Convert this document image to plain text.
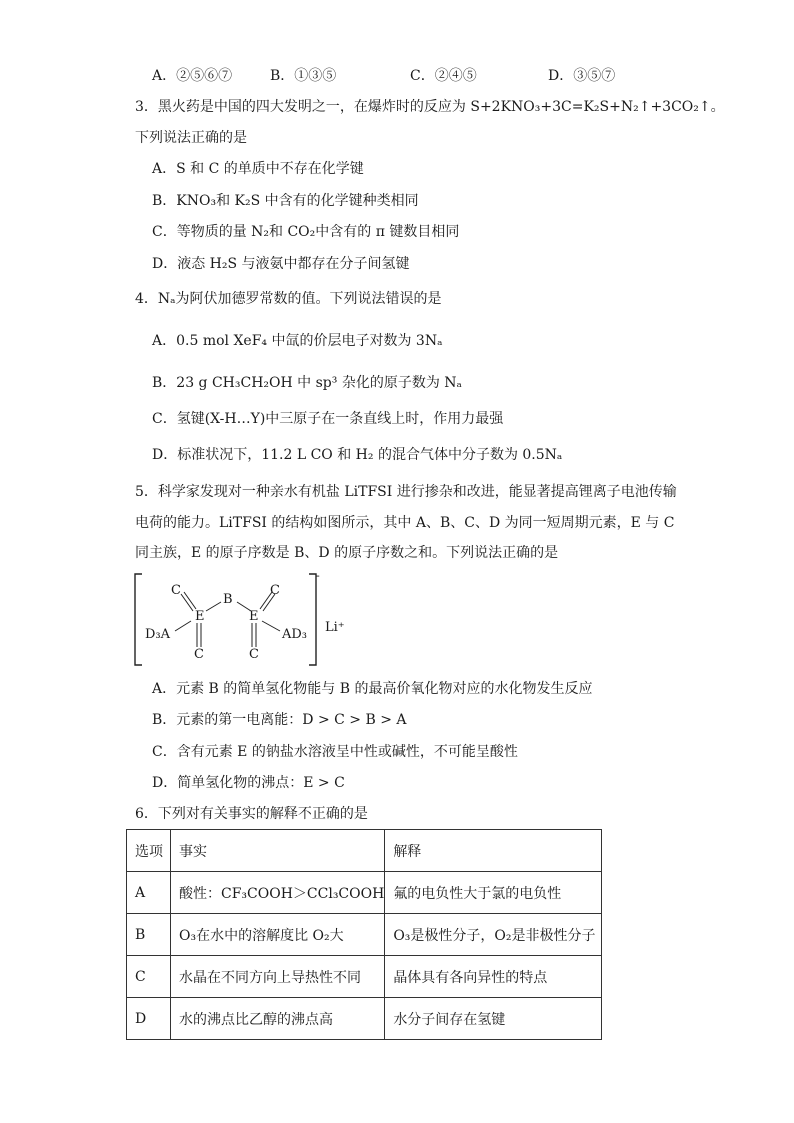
A．②⑤⑥⑦	B．①③⑤	C．②④⑤	D．③⑤⑦
3．黑火药是中国的四大发明之一，在爆炸时的反应为 S+2KNO₃+3C=K₂S+N₂↑+3CO₂↑。
下列说法正确的是
A．S 和 C 的单质中不存在化学键
B．KNO₃和 K₂S 中含有的化学键种类相同
C．等物质的量 N₂和 CO₂中含有的 π 键数目相同
D．液态 H₂S 与液氨中都存在分子间氢键
4．Nₐ为阿伏加德罗常数的值。下列说法错误的是
A．0.5 mol XeF₄ 中氙的价层电子对数为 3Nₐ
B．23 g CH₃CH₂OH 中 sp³ 杂化的原子数为 Nₐ
C．氢键(X-H…Y)中三原子在一条直线上时，作用力最强
D．标准状况下，11.2 L CO 和 H₂ 的混合气体中分子数为 0.5Nₐ
5．科学家发现对一种亲水有机盐 LiTFSI 进行掺杂和改进，能显著提高锂离子电池传输
电荷的能力。LiTFSI 的结构如图所示，其中 A、B、C、D 为同一短周期元素，E 与 C
同主族，E 的原子序数是 B、D 的原子序数之和。下列说法正确的是
C
B
C
E	E
D₃A	AD₃
C	C
-
Li⁺
A．元素 B 的简单氢化物能与 B 的最高价氧化物对应的水化物发生反应
B．元素的第一电离能：D > C > B > A
C．含有元素 E 的钠盐水溶液呈中性或碱性，不可能呈酸性
D．简单氢化物的沸点：E > C
6．下列对有关事实的解释不正确的是
选项	事实	解释
A	酸性：CF₃COOH＞CCl₃COOH	氟的电负性大于氯的电负性
B	O₃在水中的溶解度比 O₂大	O₃是极性分子，O₂是非极性分子
C	水晶在不同方向上导热性不同	晶体具有各向异性的特点
D	水的沸点比乙醇的沸点高	水分子间存在氢键
